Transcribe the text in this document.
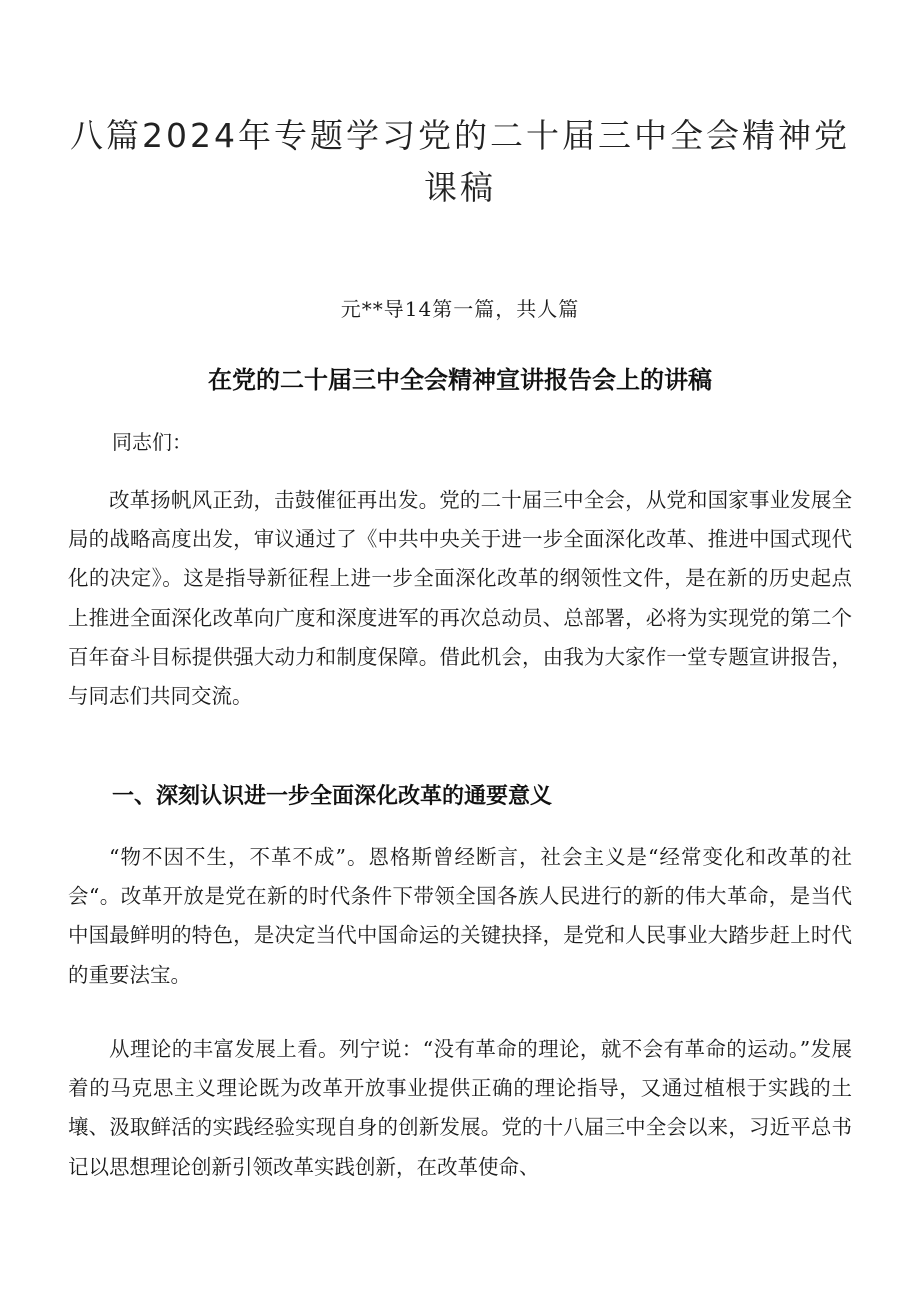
八篇2024年专题学习党的二十届三中全会精神党课稿
元**导14第一篇，共人篇
在党的二十届三中全会精神宣讲报告会上的讲稿
同志们：

改革扬帆风正劲，击鼓催征再出发。党的二十届三中全会，从党和国家事业发展全局的战略高度出发，审议通过了《中共中央关于进一步全面深化改革、推进中国式现代化的决定》。这是指导新征程上进一步全面深化改革的纲领性文件，是在新的历史起点上推进全面深化改革向广度和深度进军的再次总动员、总部署，必将为实现党的第二个百年奋斗目标提供强大动力和制度保障。借此机会，由我为大家作一堂专题宣讲报告，与同志们共同交流。

一、深刻认识进一步全面深化改革的通要意义

“物不因不生，不革不成”。恩格斯曾经断言，社会主义是“经常变化和改革的社会“。改革开放是党在新的时代条件下带领全国各族人民进行的新的伟大革命，是当代中国最鲜明的特色，是决定当代中国命运的关键抉择，是党和人民事业大踏步赶上时代的重要法宝。

从理论的丰富发展上看。列宁说：“没有革命的理论，就不会有革命的运动。”发展着的马克思主义理论既为改革开放事业提供正确的理论指导，又通过植根于实践的土壤、汲取鲜活的实践经验实现自身的创新发展。党的十八届三中全会以来，习近平总书记以思想理论创新引领改革实践创新，在改革使命、
